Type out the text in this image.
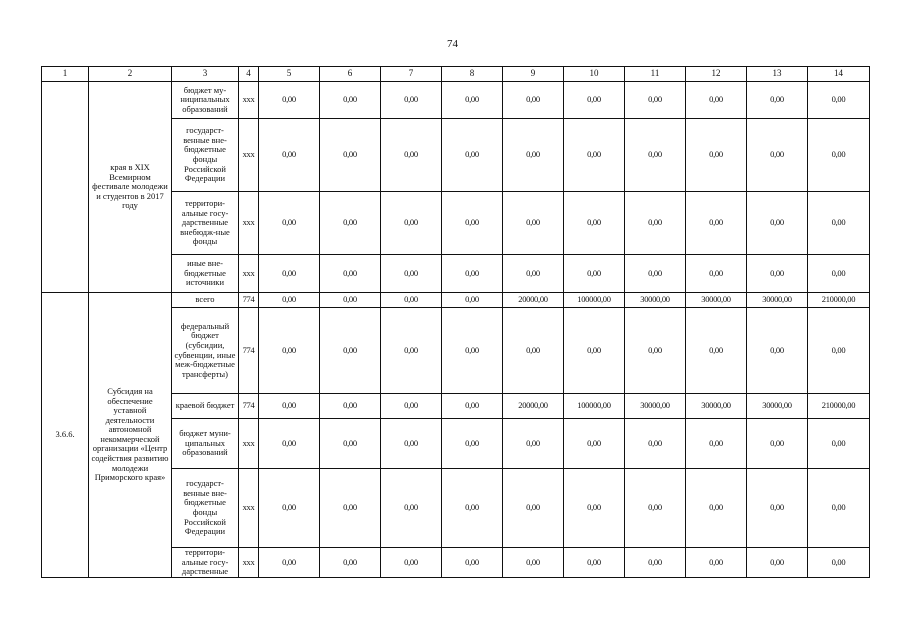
74
1	2	3	4	5	6	7	8	9	10	11	12	13	14
	края в XIX Всемирном фестивале молодежи и студентов в 2017 году	бюджет му-ниципальных образований	xxx	0,00	0,00	0,00	0,00	0,00	0,00	0,00	0,00	0,00	0,00
		государст-венные вне-бюджетные фонды Российской Федерации	xxx	0,00	0,00	0,00	0,00	0,00	0,00	0,00	0,00	0,00	0,00
		территори-альные госу-дарственные внебюдж-ные фонды	xxx	0,00	0,00	0,00	0,00	0,00	0,00	0,00	0,00	0,00	0,00
		иные вне-бюджетные источники	xxx	0,00	0,00	0,00	0,00	0,00	0,00	0,00	0,00	0,00	0,00
3.6.6.	Субсидия на обеспечение уставной деятельности автономной некоммерческой организации «Центр содействия развитию молодежи Приморского края»	всего	774	0,00	0,00	0,00	0,00	20000,00	100000,00	30000,00	30000,00	30000,00	210000,00
		федеральный бюджет (субсидии, субвенции, иные меж-бюджетные трансферты)	774	0,00	0,00	0,00	0,00	0,00	0,00	0,00	0,00	0,00	0,00
		краевой бюджет	774	0,00	0,00	0,00	0,00	20000,00	100000,00	30000,00	30000,00	30000,00	210000,00
		бюджет муни-ципальных образований	xxx	0,00	0,00	0,00	0,00	0,00	0,00	0,00	0,00	0,00	0,00
		государст-венные вне-бюджетные фонды Российской Федерации	xxx	0,00	0,00	0,00	0,00	0,00	0,00	0,00	0,00	0,00	0,00
		территори-альные госу-дарственные	xxx	0,00	0,00	0,00	0,00	0,00	0,00	0,00	0,00	0,00	0,00
